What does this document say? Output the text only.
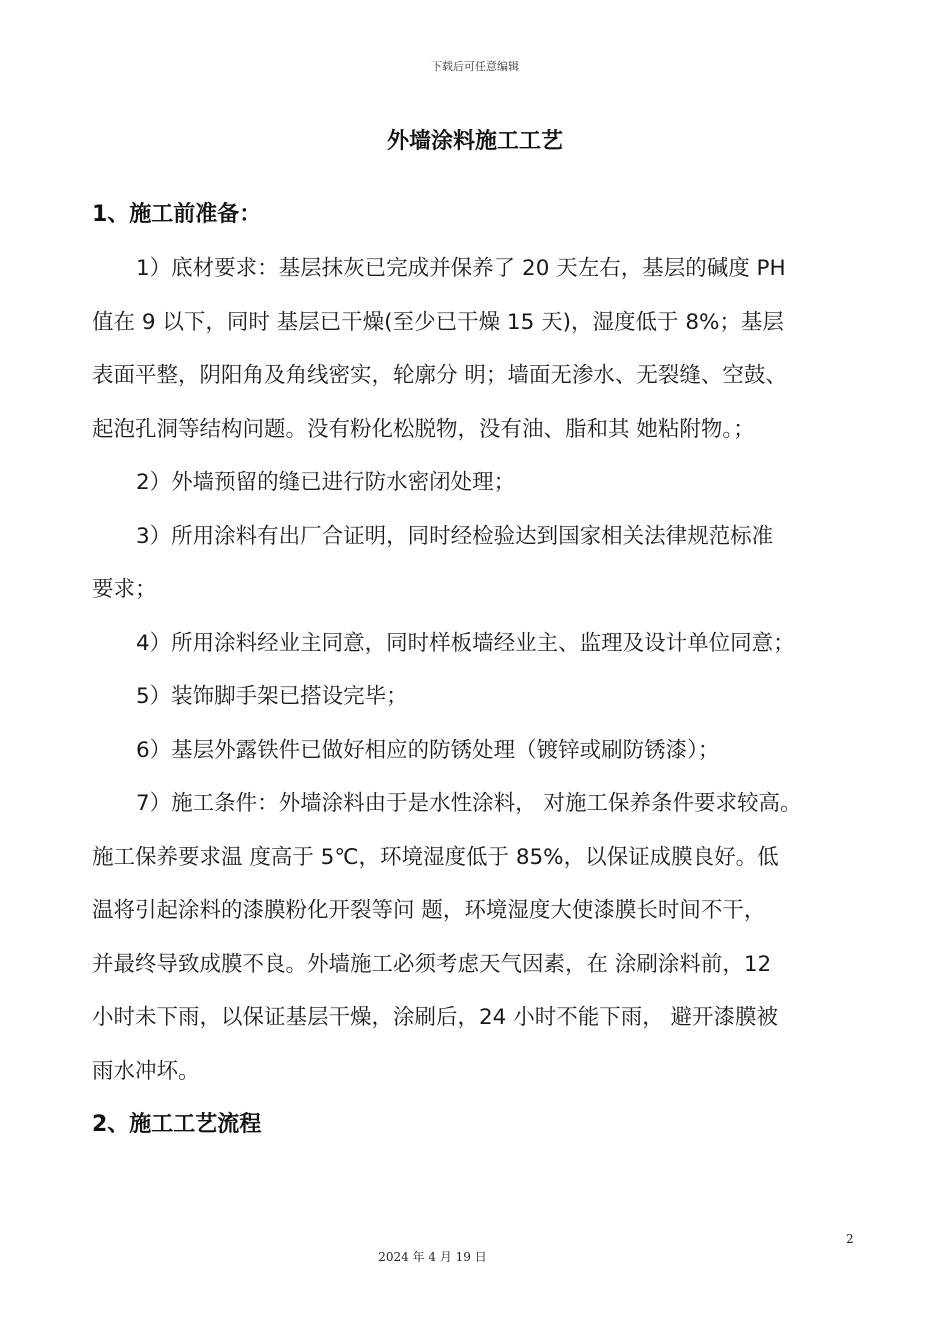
下载后可任意编辑
外墙涂料施工工艺
1、施工前准备：
1）底材要求：基层抹灰已完成并保养了 20 天左右，基层的碱度 PH
值在 9 以下，同时 基层已干燥(至少已干燥 15 天)，湿度低于 8%；基层
表面平整，阴阳角及角线密实，轮廓分 明；墙面无渗水、无裂缝、空鼓、
起泡孔洞等结构问题。没有粉化松脱物，没有油、脂和其 她粘附物。；
2）外墙预留的缝已进行防水密闭处理；
3）所用涂料有出厂合证明，同时经检验达到国家相关法律规范标准
要求；
4）所用涂料经业主同意，同时样板墙经业主、监理及设计单位同意；
5）装饰脚手架已搭设完毕；
6）基层外露铁件已做好相应的防锈处理（镀锌或刷防锈漆）；
7）施工条件：外墙涂料由于是水性涂料， 对施工保养条件要求较高。
施工保养要求温 度高于 5℃，环境湿度低于 85%，以保证成膜良好。低
温将引起涂料的漆膜粉化开裂等问 题，环境湿度大使漆膜长时间不干，
并最终导致成膜不良。外墙施工必须考虑天气因素，在 涂刷涂料前，12
小时未下雨，以保证基层干燥，涂刷后，24 小时不能下雨， 避开漆膜被
雨水冲坏。
2、施工工艺流程
2
2024 年 4 月 19 日
